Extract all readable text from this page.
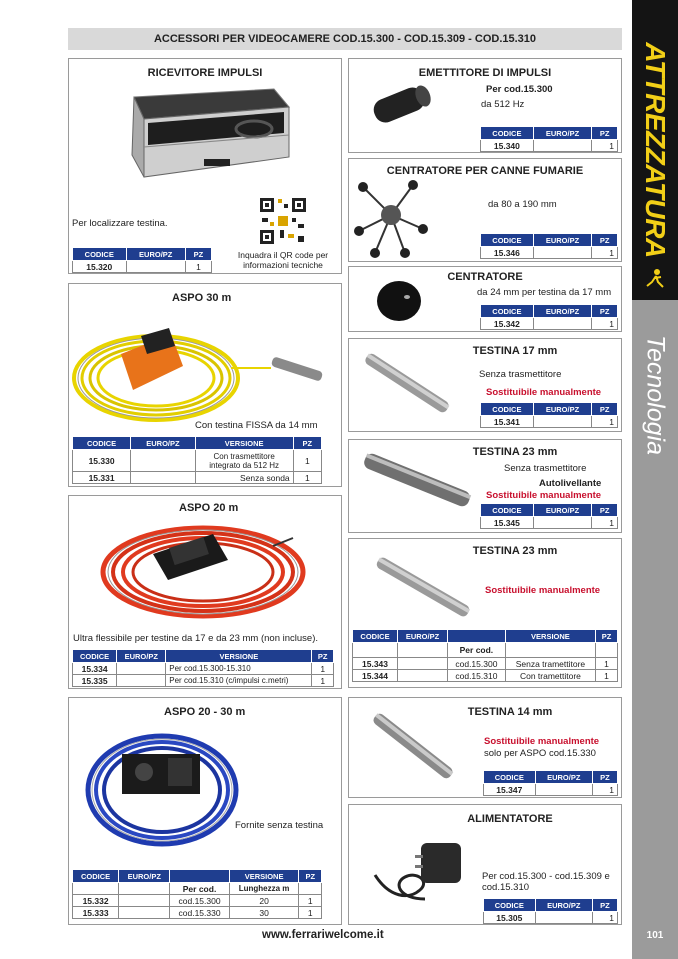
ACCESSORI PER VIDEOCAMERE COD.15.300 - COD.15.309 - COD.15.310
RICEVITORE IMPULSI
Per localizzare testina.
Inquadra il QR code per informazioni tecniche
CODICE	EURO/PZ	PZ
15.320		1
ASPO 30 m
Con testina FISSA da 14 mm
CODICE	EURO/PZ	VERSIONE	PZ
15.330		Con trasmettitore integrato da 512 Hz	1
15.331		Senza sonda	1
ASPO 20 m
Ultra flessibile per testine da 17 e da 23 mm (non incluse).
CODICE	EURO/PZ	VERSIONE	PZ
15.334		Per cod.15.300-15.310	1
15.335		Per cod.15.310 (c/impulsi c.metri)	1
ASPO 20 - 30 m
Fornite senza testina
CODICE	EURO/PZ		VERSIONE	PZ
		Per cod.	Lunghezza m	
15.332		cod.15.300	20	1
15.333		cod.15.330	30	1
EMETTITORE DI IMPULSI
Per cod.15.300
da 512 Hz
CODICE	EURO/PZ	PZ
15.340		1
CENTRATORE PER CANNE FUMARIE
da 80 a 190 mm
CODICE	EURO/PZ	PZ
15.346		1
CENTRATORE
da 24 mm per testina da 17 mm
CODICE	EURO/PZ	PZ
15.342		1
TESTINA 17 mm
Senza trasmettitore
Sostituibile manualmente
CODICE	EURO/PZ	PZ
15.341		1
TESTINA 23 mm
Senza trasmettitore
Autolivellante
Sostituibile manualmente
CODICE	EURO/PZ	PZ
15.345		1
TESTINA 23 mm
Sostituibile manualmente
CODICE	EURO/PZ		VERSIONE	PZ
		Per cod.		
15.343		cod.15.300	Senza tramettitore	1
15.344		cod.15.310	Con tramettitore	1
TESTINA 14 mm
Sostituibile manualmente
solo per ASPO cod.15.330
CODICE	EURO/PZ	PZ
15.347		1
ALIMENTATORE
Per cod.15.300 - cod.15.309 e cod.15.310
CODICE	EURO/PZ	PZ
15.305		1
www.ferrariwelcome.it
ATTREZZATURA
Tecnologia
101
